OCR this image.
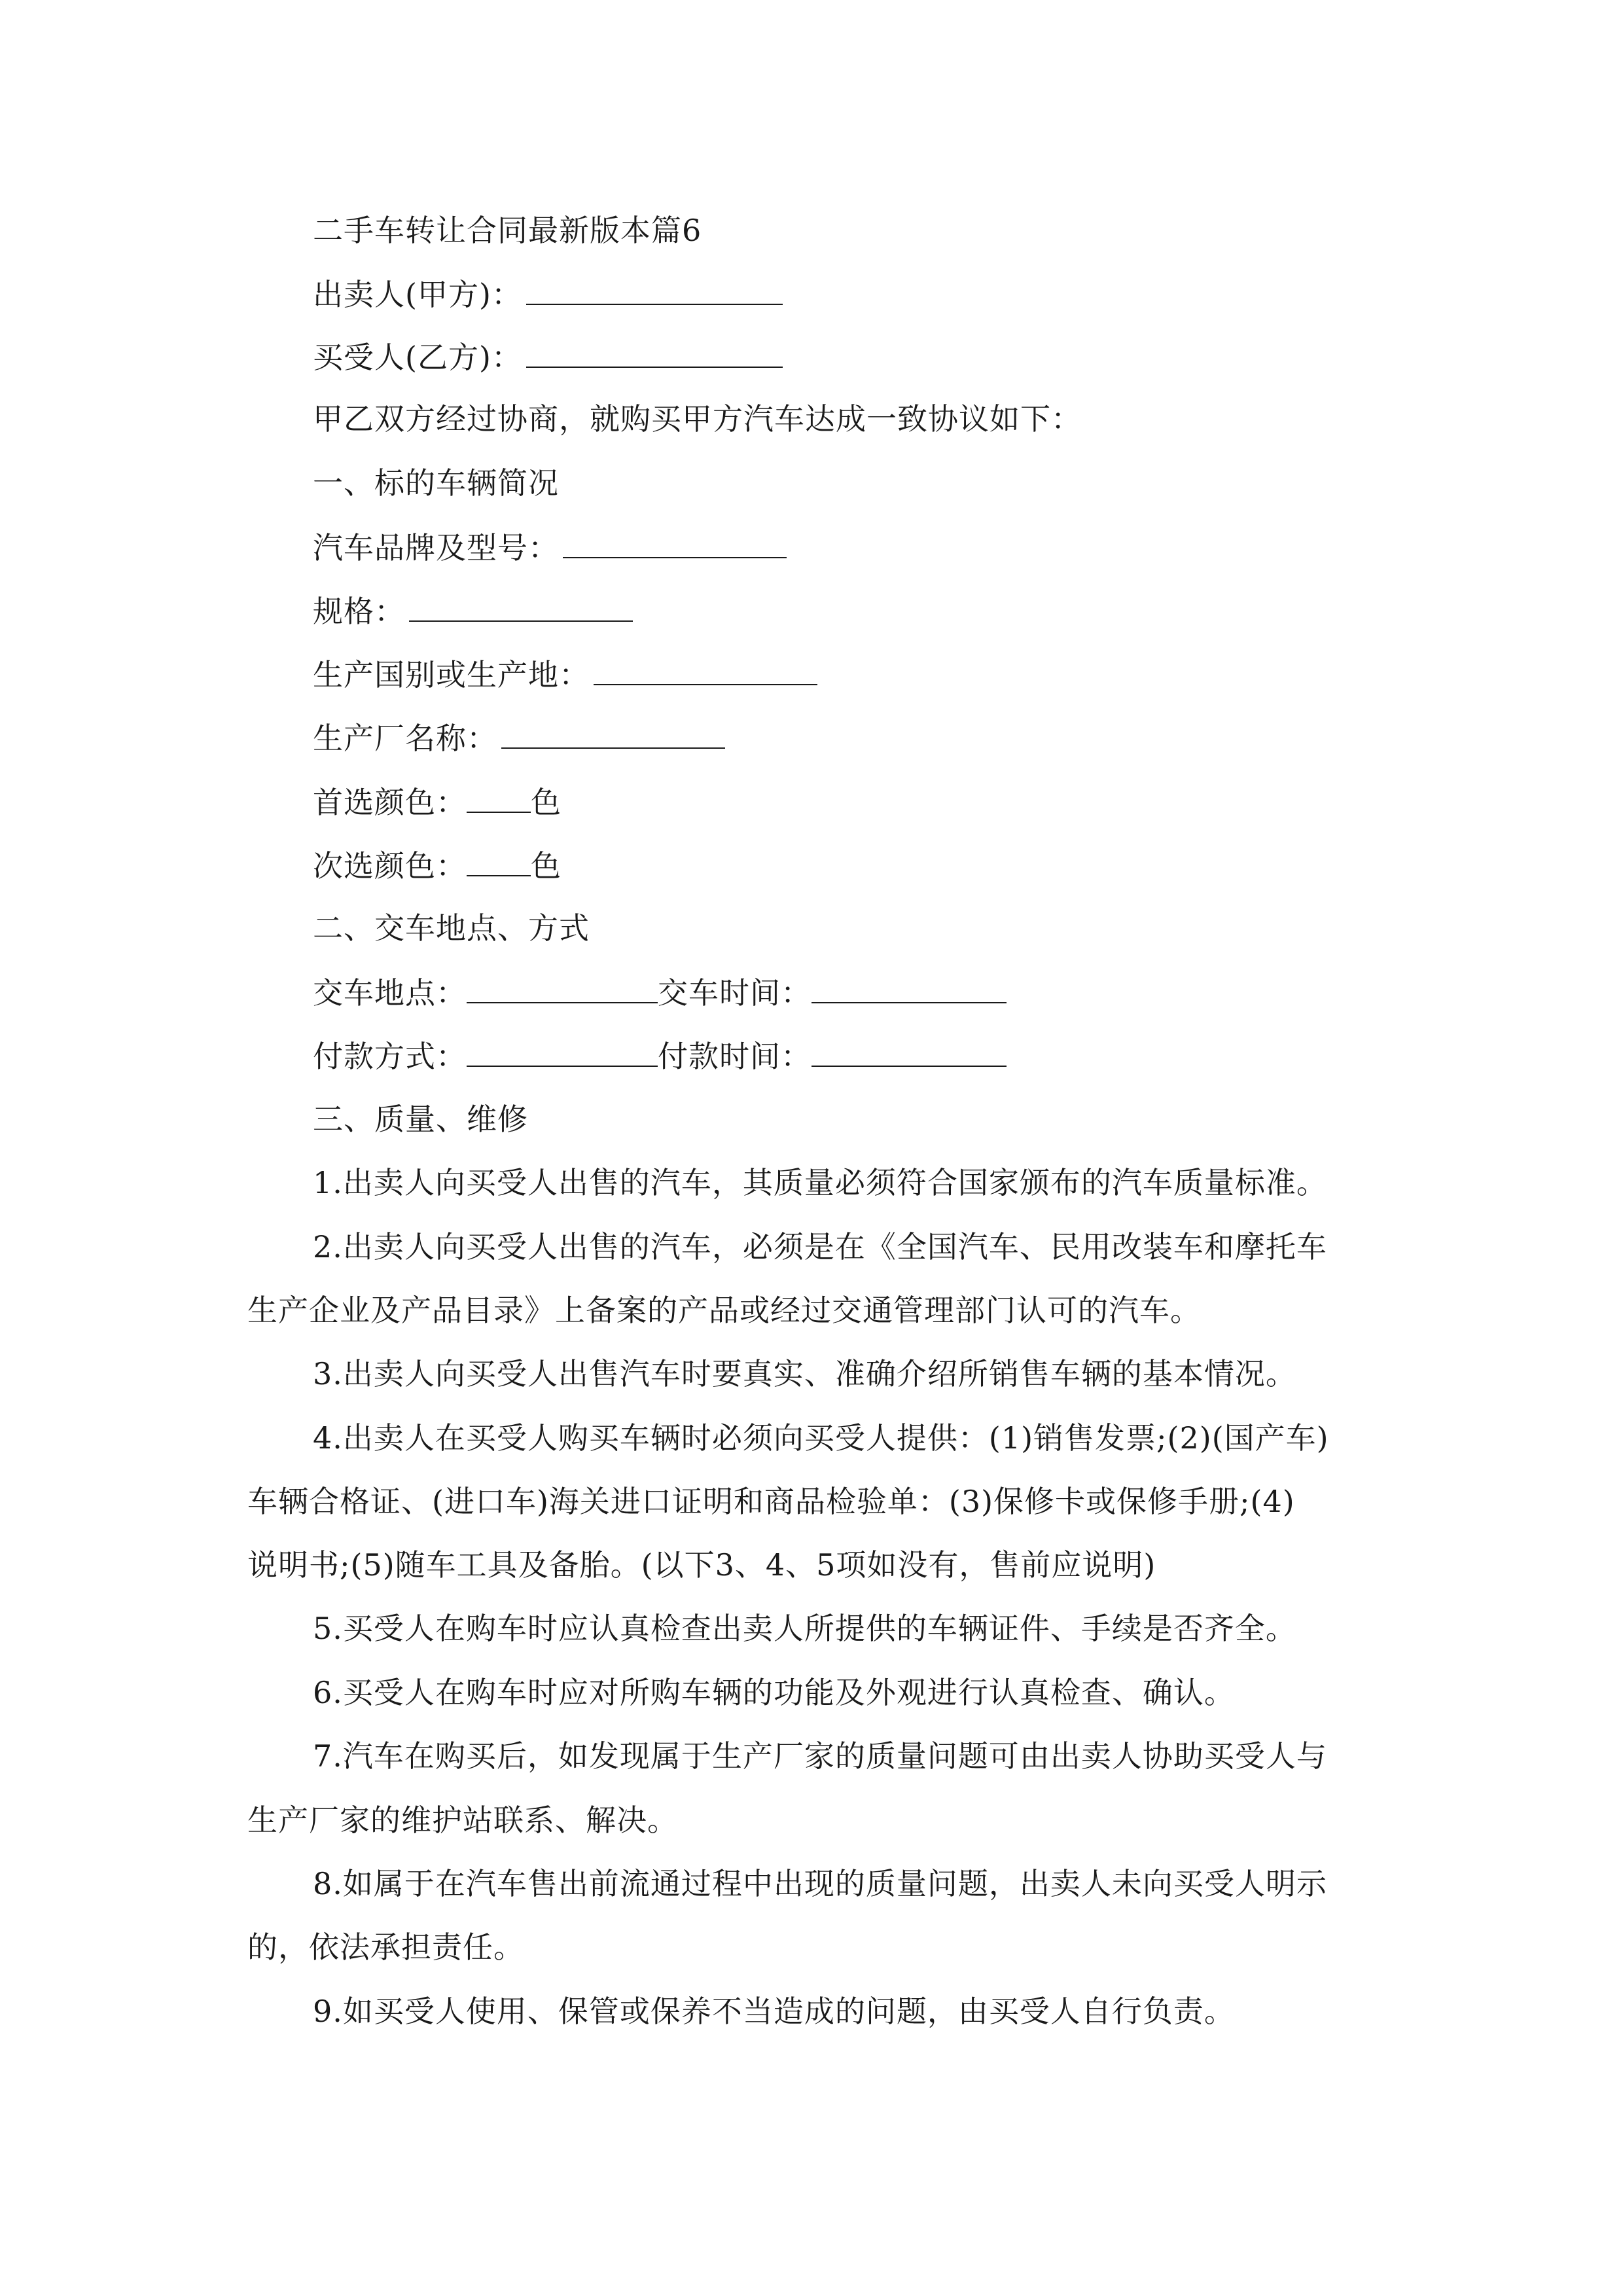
二手车转让合同最新版本篇6
出卖人(甲方)：
买受人(乙方)：
甲乙双方经过协商，就购买甲方汽车达成一致协议如下：
一、标的车辆简况
汽车品牌及型号：
规格：
生产国别或生产地：
生产厂名称：
首选颜色： 色
次选颜色： 色
二、交车地点、方式
交车地点：	交车时间：
付款方式：	付款时间：
三、质量、维修
1.出卖人向买受人出售的汽车，其质量必须符合国家颁布的汽车质量标准。
2.出卖人向买受人出售的汽车，必须是在《全国汽车、民用改装车和摩托车
生产企业及产品目录》上备案的产品或经过交通管理部门认可的汽车。
3.出卖人向买受人出售汽车时要真实、准确介绍所销售车辆的基本情况。
4.出卖人在买受人购买车辆时必须向买受人提供：(1)销售发票;(2)(国产车)
车辆合格证、(进口车)海关进口证明和商品检验单：(3)保修卡或保修手册;(4)
说明书;(5)随车工具及备胎。(以下3、4、5项如没有，售前应说明)
5.买受人在购车时应认真检查出卖人所提供的车辆证件、手续是否齐全。
6.买受人在购车时应对所购车辆的功能及外观进行认真检查、确认。
7.汽车在购买后，如发现属于生产厂家的质量问题可由出卖人协助买受人与
生产厂家的维护站联系、解决。
8.如属于在汽车售出前流通过程中出现的质量问题，出卖人未向买受人明示
的，依法承担责任。
9.如买受人使用、保管或保养不当造成的问题，由买受人自行负责。
